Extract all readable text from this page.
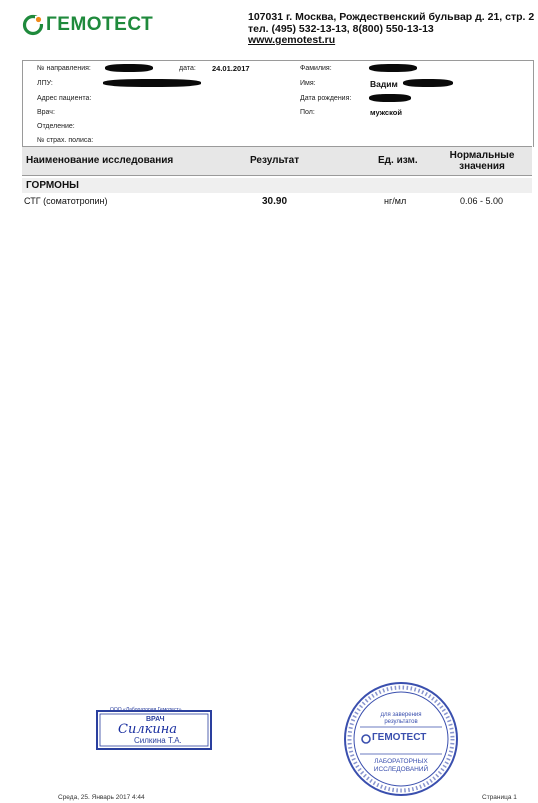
ГЕМОТЕСТ	107031 г. Москва, Рождественский бульвар д. 21, стр. 2
тел. (495) 532-13-13, 8(800) 550-13-13
www.gemotest.ru
№ направления:	дата: 24.01.2017
ЛПУ:
Адрес пациента:
Врач:
Отделение:
№ страх. полиса:
Фамилия:
Имя:	Вадим
Дата рождения:
Пол:	мужской
Наименование исследования	Результат	Ед. изм.	Нормальные
значения
ГОРМОНЫ
СТГ (соматотропин)	30.90	нг/мл	0.06 - 5.00
ООО «Лаборатория Гемотест»
ВРАЧ
Силкина
Силкина Т.А.
для заверения результатов
ГЕМОТЕСТ
ЛАБОРАТОРНЫХ
ИССЛЕДОВАНИЙ
Среда, 25. Январь 2017 4:44	Страница 1
